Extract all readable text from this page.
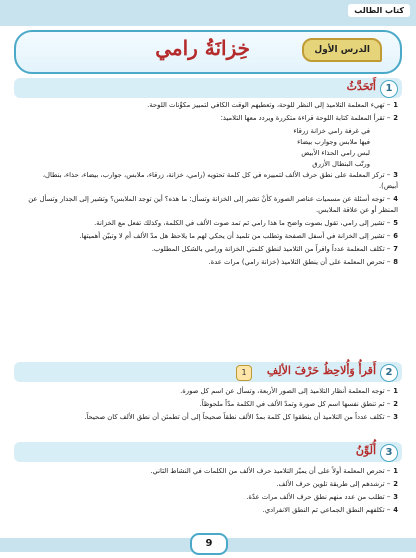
كتاب الطالب
الدرس الأول
خِزانَةُ رامي
1
أَتَحَدَّثُ
1– تهيء المعلمة التلاميذ إلى النظر للوحة، وتعطيهم الوقت الكافي لتمييز مكوِّنات اللوحة.
2– تقرأ المعلمة كتابة اللوحة قراءة متكررة ويردد معها التلاميذ:
في غرفة رامي خزانة زرقاء
فيها ملابس وجوارب بيضاء
لبس رامي الحذاء الأبيض
ورتّب البنطال الأزرق
3– تركز المعلمة على نطق حرف الألف لتمييزه في كل كلمة تحتويه (رامي، خزانة، زرقاء، ملابس، جوارب، بيضاء، حذاء، بنطال، أبيض).
4– توجه أسئلة عن مسميات عناصر الصورة كأنْ تشير إلى الخزانة وتسأل: ما هذه؟ أين توجد الملابس؟ وتشير إلى الجدار وتسأل عن المنظر أو عن علاقة الملابس.
5– تشير إلى رامي، تقول بصوت واضح ما هذا رامي ثم تمد صوت الألف في الكلمة، وكذلك تفعل مع الخزانة.
6– تشير إلى الخزانة في أسفل الصفحة وتطلب من تلميذ أن يحكي لهم ما يلاحظ هل مدّ الألف أم لا وتبيّن أهميتها.
7– تكلف المعلمة عدداً وافراً من التلاميذ لنطق كلمتي الخزانة ورامي بالشكل المطلوب.
8– تحرص المعلمة على أن ينطق التلاميذ (خزانة رامي) مرات عدة.
2
أَقرأُ وَأُلاحِظُ حَرْفَ الألِفِ
1
1– توجه المعلمة أنظار التلاميذ إلى الصور الأربعة، وتسأل عن اسم كل صورة.
2– ثم تنطق نفسها اسم كل صورة وتمدّ الألف في الكلمة مدّاً ملحوظاً.
3– تكلف عدداً من التلاميذ أن ينطقوا كل كلمة بمدّ الألف نطقاً صحيحاً إلى أن تطمئن أن نطق الألف كان صحيحاً.
3
أُلَوِّنُ
1– تحرص المعلمة أولاً على أن يميّز التلاميذ حرف الألف من الكلمات في النشاط الثاني.
2– ترشدهم إلى طريقة تلوين حرف الألف.
3– تطلب من عدد منهم نطق حرف الألف مرات عدّة.
4– تكلفهم النطق الجماعي ثم النطق الانفرادي.
9
